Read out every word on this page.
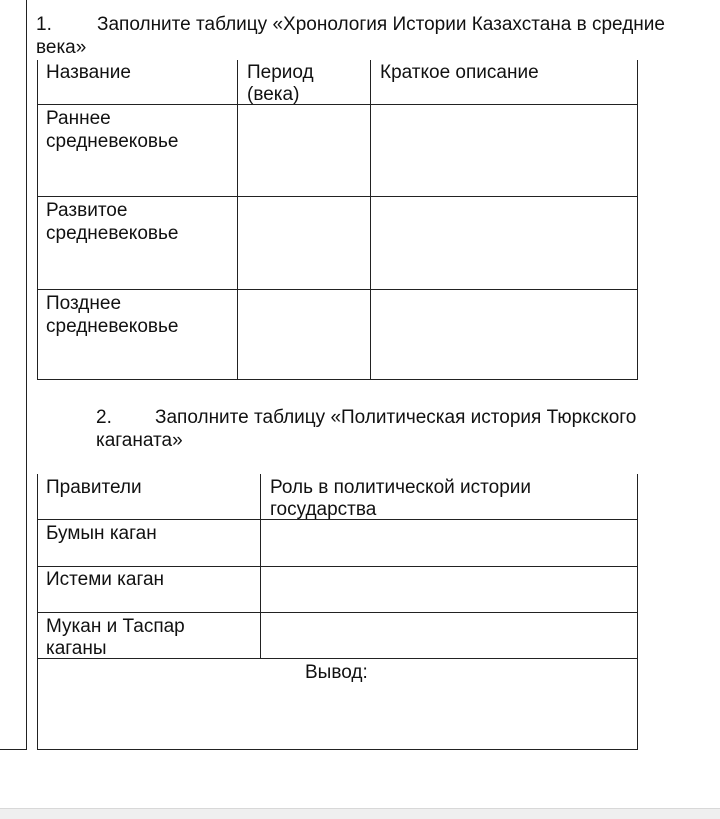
1. Заполните таблицу «Хронология Истории Казахстана в средние
века»
Название	Период
(века)
Краткое описание
Раннее
средневековье
Развитое
средневековье
Позднее
средневековье
2. Заполните таблицу «Политическая история Тюркского
каганата»
Правители	Роль в политической истории
государства
Бумын каган
Истеми каган
Мукан и Таспар
каганы
Вывод:
